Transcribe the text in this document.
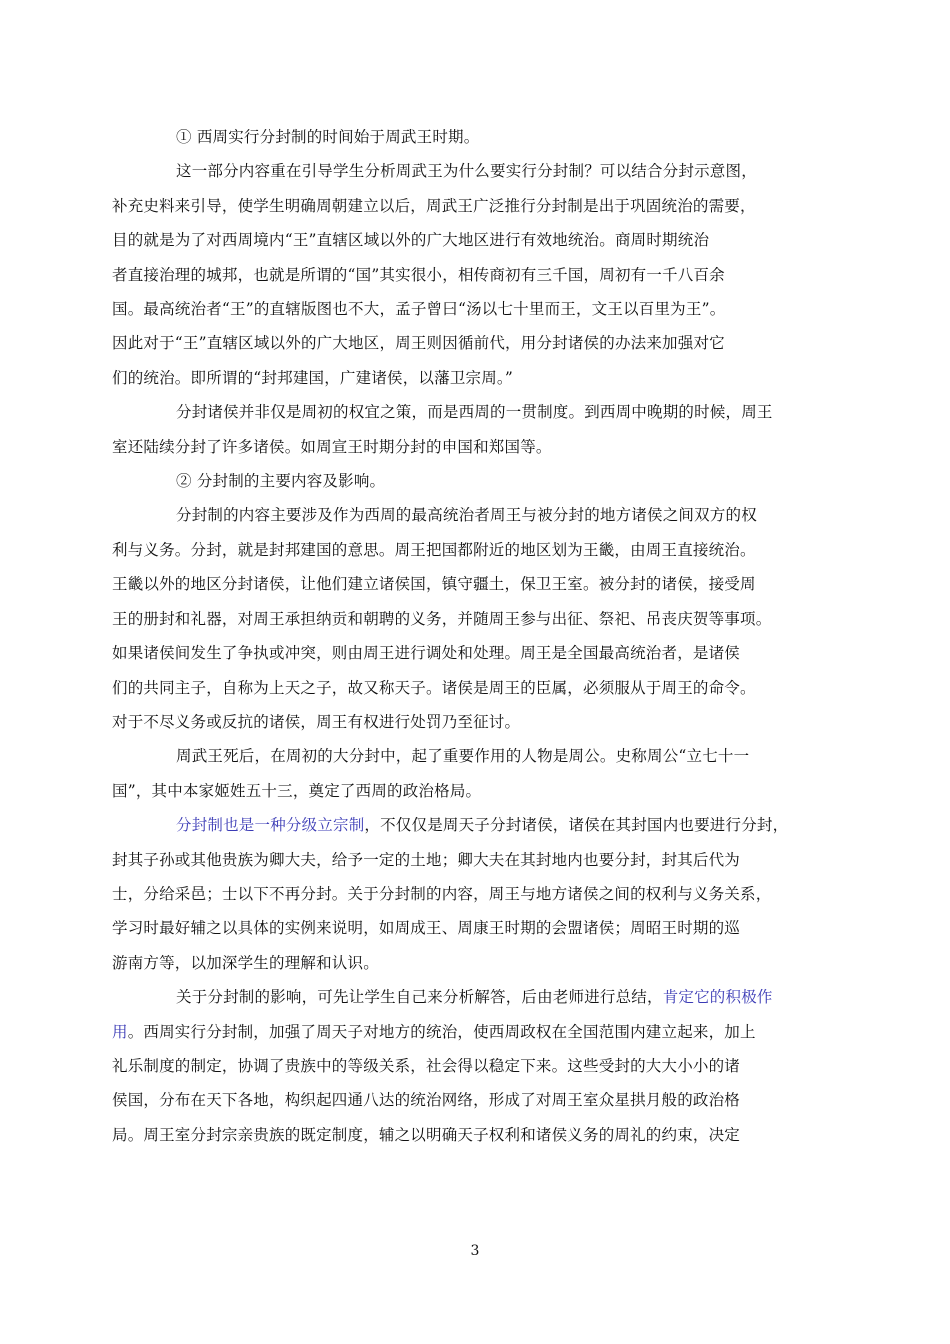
① 西周实行分封制的时间始于周武王时期。
这一部分内容重在引导学生分析周武王为什么要实行分封制？可以结合分封示意图，
补充史料来引导，使学生明确周朝建立以后，周武王广泛推行分封制是出于巩固统治的需要，
目的就是为了对西周境内“王”直辖区域以外的广大地区进行有效地统治。商周时期统治
者直接治理的城邦，也就是所谓的“国”其实很小，相传商初有三千国，周初有一千八百余
国。最高统治者“王”的直辖版图也不大，孟子曾曰“汤以七十里而王，文王以百里为王”。
因此对于“王”直辖区域以外的广大地区，周王则因循前代，用分封诸侯的办法来加强对它
们的统治。即所谓的“封邦建国，广建诸侯，以藩卫宗周。”
分封诸侯并非仅是周初的权宜之策，而是西周的一贯制度。到西周中晚期的时候，周王
室还陆续分封了许多诸侯。如周宣王时期分封的申国和郑国等。
② 分封制的主要内容及影响。
分封制的内容主要涉及作为西周的最高统治者周王与被分封的地方诸侯之间双方的权
利与义务。分封，就是封邦建国的意思。周王把国都附近的地区划为王畿，由周王直接统治。
王畿以外的地区分封诸侯，让他们建立诸侯国，镇守疆土，保卫王室。被分封的诸侯，接受周
王的册封和礼器，对周王承担纳贡和朝聘的义务，并随周王参与出征、祭祀、吊丧庆贺等事项。
如果诸侯间发生了争执或冲突，则由周王进行调处和处理。周王是全国最高统治者，是诸侯
们的共同主子，自称为上天之子，故又称天子。诸侯是周王的臣属，必须服从于周王的命令。
对于不尽义务或反抗的诸侯，周王有权进行处罚乃至征讨。
周武王死后，在周初的大分封中，起了重要作用的人物是周公。史称周公“立七十一
国”，其中本家姬姓五十三，奠定了西周的政治格局。
分封制也是一种分级立宗制，不仅仅是周天子分封诸侯，诸侯在其封国内也要进行分封，
封其子孙或其他贵族为卿大夫，给予一定的土地；卿大夫在其封地内也要分封，封其后代为
士，分给采邑；士以下不再分封。关于分封制的内容，周王与地方诸侯之间的权利与义务关系，
学习时最好辅之以具体的实例来说明，如周成王、周康王时期的会盟诸侯；周昭王时期的巡
游南方等，以加深学生的理解和认识。
关于分封制的影响，可先让学生自己来分析解答，后由老师进行总结，肯定它的积极作
用。西周实行分封制，加强了周天子对地方的统治，使西周政权在全国范围内建立起来，加上
礼乐制度的制定，协调了贵族中的等级关系，社会得以稳定下来。这些受封的大大小小的诸
侯国，分布在天下各地，构织起四通八达的统治网络，形成了对周王室众星拱月般的政治格
局。周王室分封宗亲贵族的既定制度，辅之以明确天子权利和诸侯义务的周礼的约束，决定
3
